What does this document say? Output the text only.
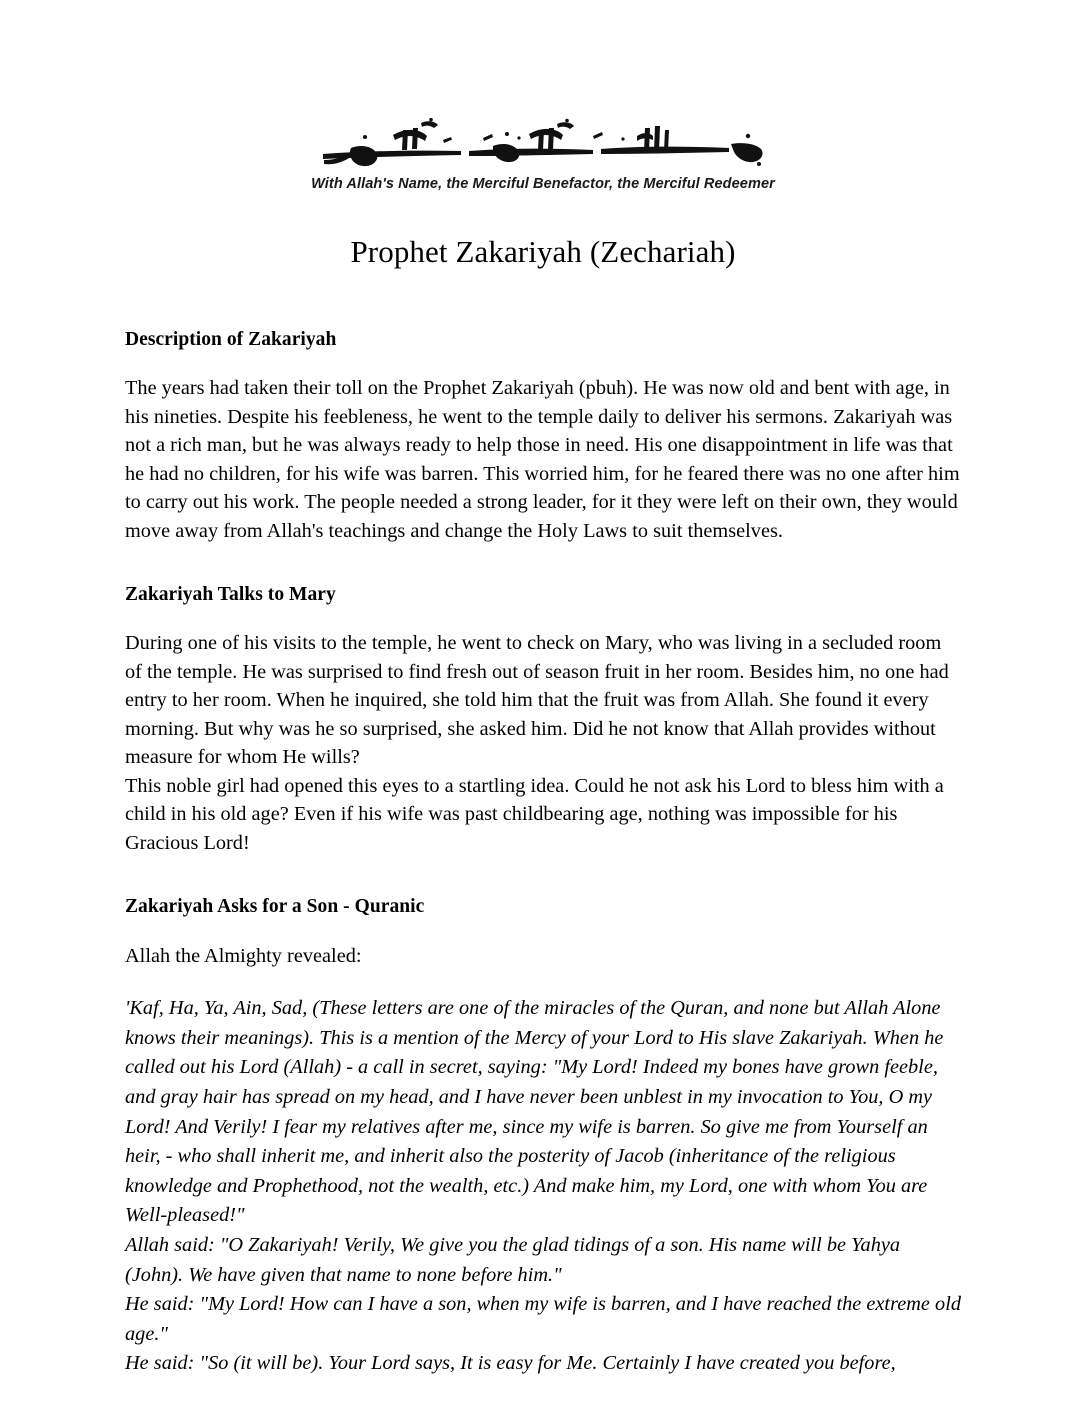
With Allah's Name, the Merciful Benefactor, the Merciful Redeemer
Prophet Zakariyah (Zechariah)
Description of Zakariyah

The years had taken their toll on the Prophet Zakariyah (pbuh). He was now old and bent with age, in his nineties. Despite his feebleness, he went to the temple daily to deliver his sermons. Zakariyah was not a rich man, but he was always ready to help those in need. His one disappointment in life was that he had no children, for his wife was barren. This worried him, for he feared there was no one after him to carry out his work. The people needed a strong leader, for it they were left on their own, they would move away from Allah's teachings and change the Holy Laws to suit themselves.

Zakariyah Talks to Mary

During one of his visits to the temple, he went to check on Mary, who was living in a secluded room of the temple. He was surprised to find fresh out of season fruit in her room. Besides him, no one had entry to her room. When he inquired, she told him that the fruit was from Allah. She found it every morning. But why was he so surprised, she asked him. Did he not know that Allah provides without measure for whom He wills?

This noble girl had opened this eyes to a startling idea. Could he not ask his Lord to bless him with a child in his old age? Even if his wife was past childbearing age, nothing was impossible for his Gracious Lord!

Zakariyah Asks for a Son - Quranic

Allah the Almighty revealed:

'Kaf, Ha, Ya, Ain, Sad, (These letters are one of the miracles of the Quran, and none but Allah Alone knows their meanings). This is a mention of the Mercy of your Lord to His slave Zakariyah. When he called out his Lord (Allah) - a call in secret, saying: "My Lord! Indeed my bones have grown feeble, and gray hair has spread on my head, and I have never been unblest in my invocation to You, O my Lord! And Verily! I fear my relatives after me, since my wife is barren. So give me from Yourself an heir, - who shall inherit me, and inherit also the posterity of Jacob (inheritance of the religious knowledge and Prophethood, not the wealth, etc.) And make him, my Lord, one with whom You are Well-pleased!"

Allah said: "O Zakariyah! Verily, We give you the glad tidings of a son. His name will be Yahya (John). We have given that name to none before him."

He said: "My Lord! How can I have a son, when my wife is barren, and I have reached the extreme old age."

He said: "So (it will be). Your Lord says, It is easy for Me. Certainly I have created you before,
